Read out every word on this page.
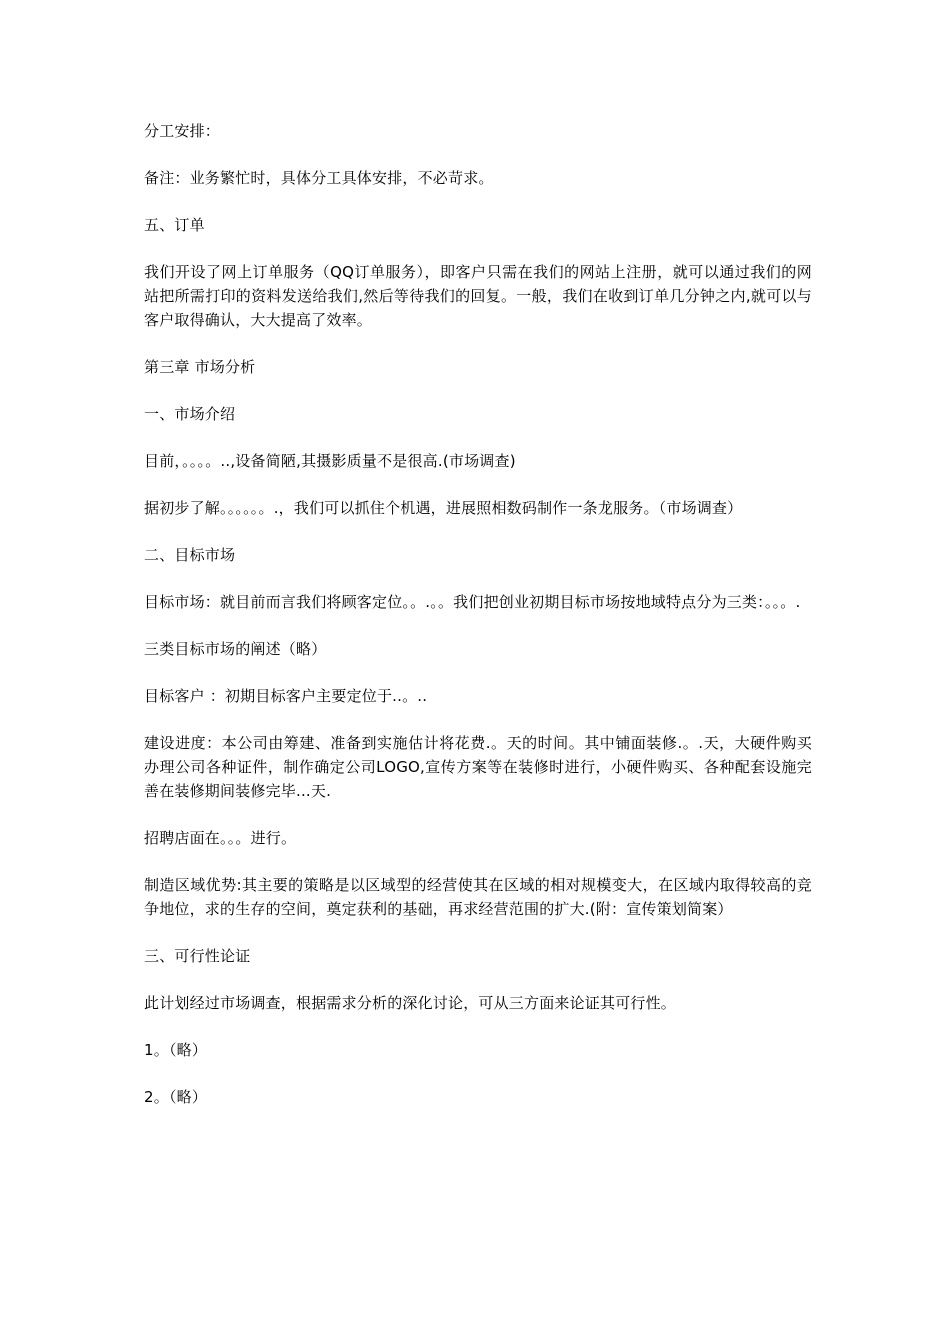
分工安排：

备注：业务繁忙时，具体分工具体安排，不必苛求。

五、订单

我们开设了网上订单服务（QQ订单服务），即客户只需在我们的网站上注册，就可以通过我们的网站把所需打印的资料发送给我们,然后等待我们的回复。一般，我们在收到订单几分钟之内,就可以与客户取得确认，大大提高了效率。

第三章 市场分析

一、市场介绍

目前，。。。。..,设备简陋,其摄影质量不是很高.(市场调查)

据初步了解。。。。。。.，我们可以抓住个机遇，进展照相数码制作一条龙服务。（市场调查）

二、目标市场

目标市场：就目前而言我们将顾客定位。。.。。我们把创业初期目标市场按地域特点分为三类：。。。.

三类目标市场的阐述（略）

目标客户 ：初期目标客户主要定位于..。..

建设进度：本公司由筹建、准备到实施估计将花费.。天的时间。其中铺面装修.。.天，大硬件购买办理公司各种证件，制作确定公司LOGO,宣传方案等在装修时进行，小硬件购买、各种配套设施完善在装修期间装修完毕...天.

招聘店面在。。。进行。

制造区域优势:其主要的策略是以区域型的经营使其在区域的相对规模变大，在区域内取得较高的竞争地位，求的生存的空间，奠定获利的基础，再求经营范围的扩大.(附：宣传策划简案）

三、可行性论证

此计划经过市场调查，根据需求分析的深化讨论，可从三方面来论证其可行性。

1。（略）

2。（略）
